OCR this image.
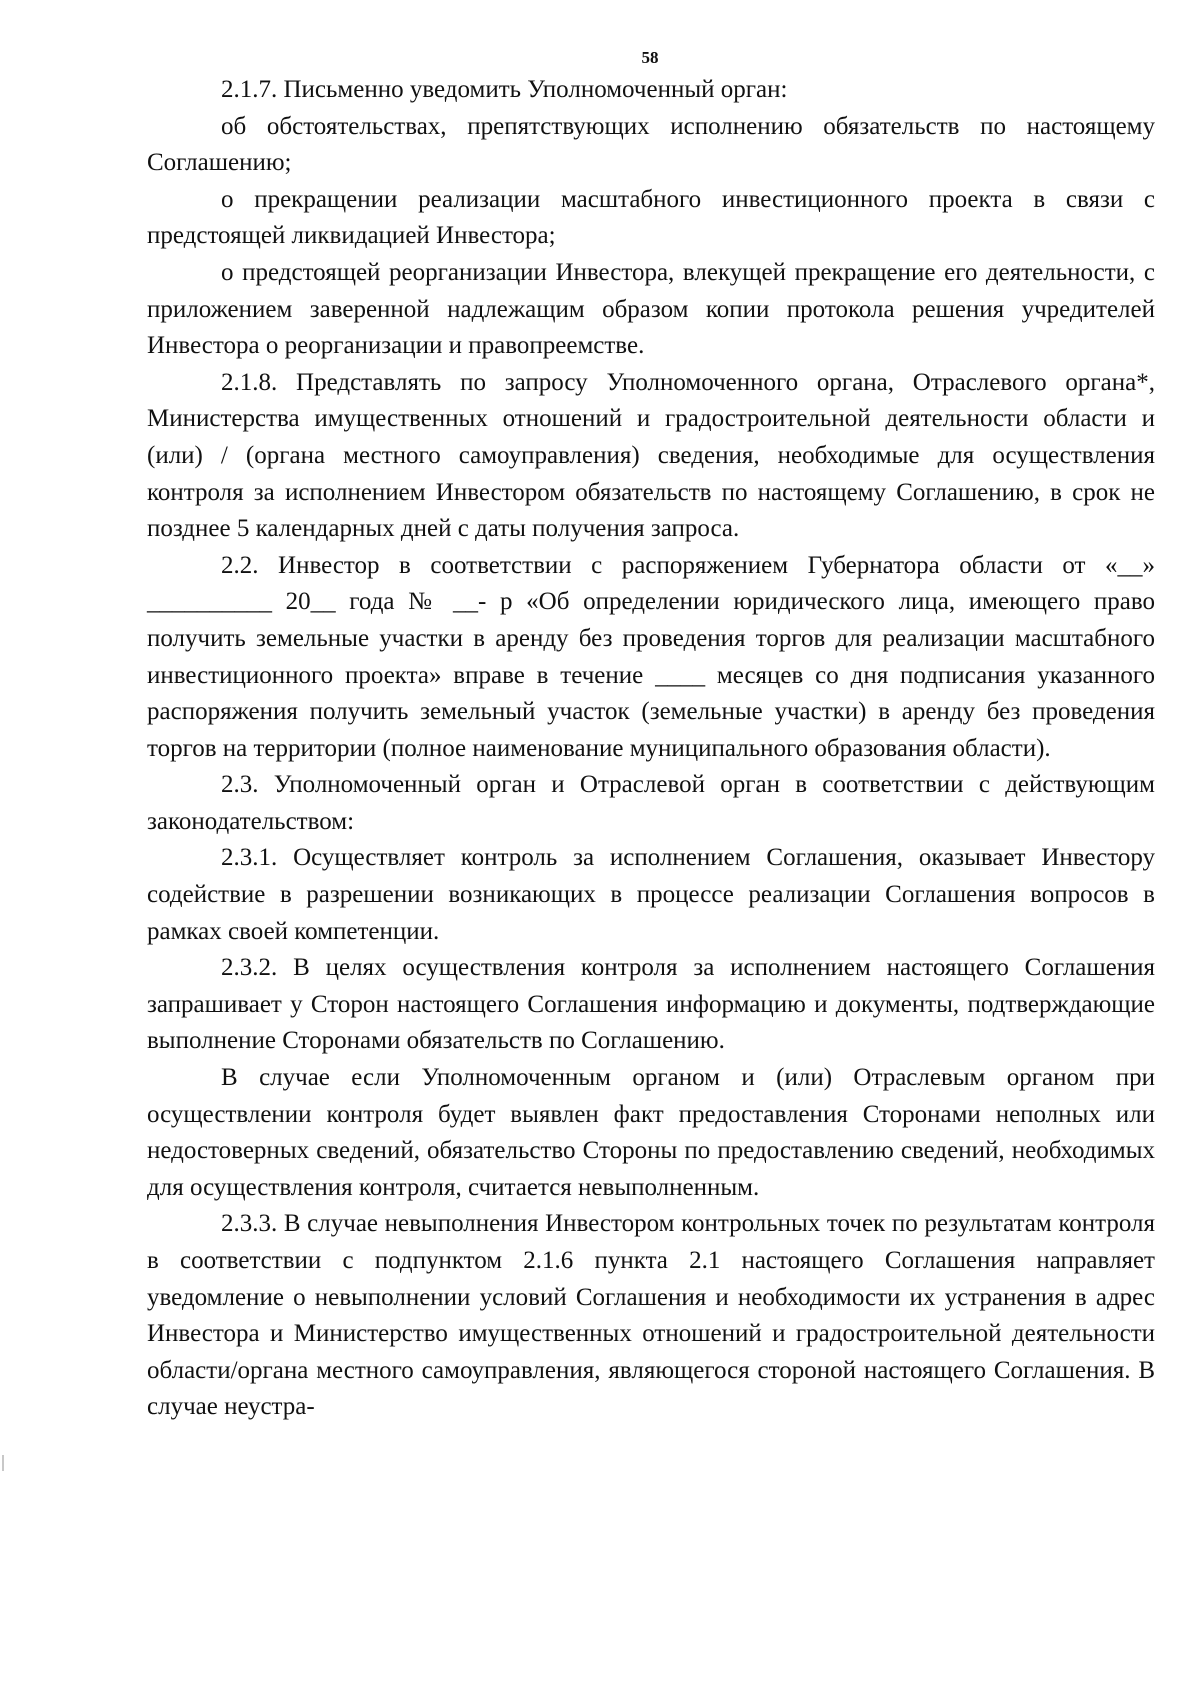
58

2.1.7. Письменно уведомить Уполномоченный орган:

об обстоятельствах, препятствующих исполнению обязательств по настоящему Соглашению;

о прекращении реализации масштабного инвестиционного проекта в связи с предстоящей ликвидацией Инвестора;

о предстоящей реорганизации Инвестора, влекущей прекращение его деятельности, с приложением заверенной надлежащим образом копии протокола решения учредителей Инвестора о реорганизации и правопреемстве.

2.1.8. Представлять по запросу Уполномоченного органа, Отраслевого органа*, Министерства имущественных отношений и градостроительной деятельности области и (или) / (органа местного самоуправления) сведения, необходимые для осуществления контроля за исполнением Инвестором обязательств по настоящему Соглашению, в срок не позднее 5 календарных дней с даты получения запроса.

2.2. Инвестор в соответствии с распоряжением Губернатора области от «__» __________ 20__ года № __- р «Об определении юридического лица, имеющего право получить земельные участки в аренду без проведения торгов для реализации масштабного инвестиционного проекта» вправе в течение ____ месяцев со дня подписания указанного распоряжения получить земельный участок (земельные участки) в аренду без проведения торгов на территории (полное наименование муниципального образования области).

2.3. Уполномоченный орган и Отраслевой орган в соответствии с действующим законодательством:

2.3.1. Осуществляет контроль за исполнением Соглашения, оказывает Инвестору содействие в разрешении возникающих в процессе реализации Соглашения вопросов в рамках своей компетенции.

2.3.2. В целях осуществления контроля за исполнением настоящего Соглашения запрашивает у Сторон настоящего Соглашения информацию и документы, подтверждающие выполнение Сторонами обязательств по Соглашению.

В случае если Уполномоченным органом и (или) Отраслевым органом при осуществлении контроля будет выявлен факт предоставления Сторонами неполных или недостоверных сведений, обязательство Стороны по предоставлению сведений, необходимых для осуществления контроля, считается невыполненным.

2.3.3. В случае невыполнения Инвестором контрольных точек по результатам контроля в соответствии с подпунктом 2.1.6 пункта 2.1 настоящего Соглашения направляет уведомление о невыполнении условий Соглашения и необходимости их устранения в адрес Инвестора и Министерство имущественных отношений и градостроительной деятельности области/органа местного самоуправления, являющегося стороной настоящего Соглашения. В случае неустра-
